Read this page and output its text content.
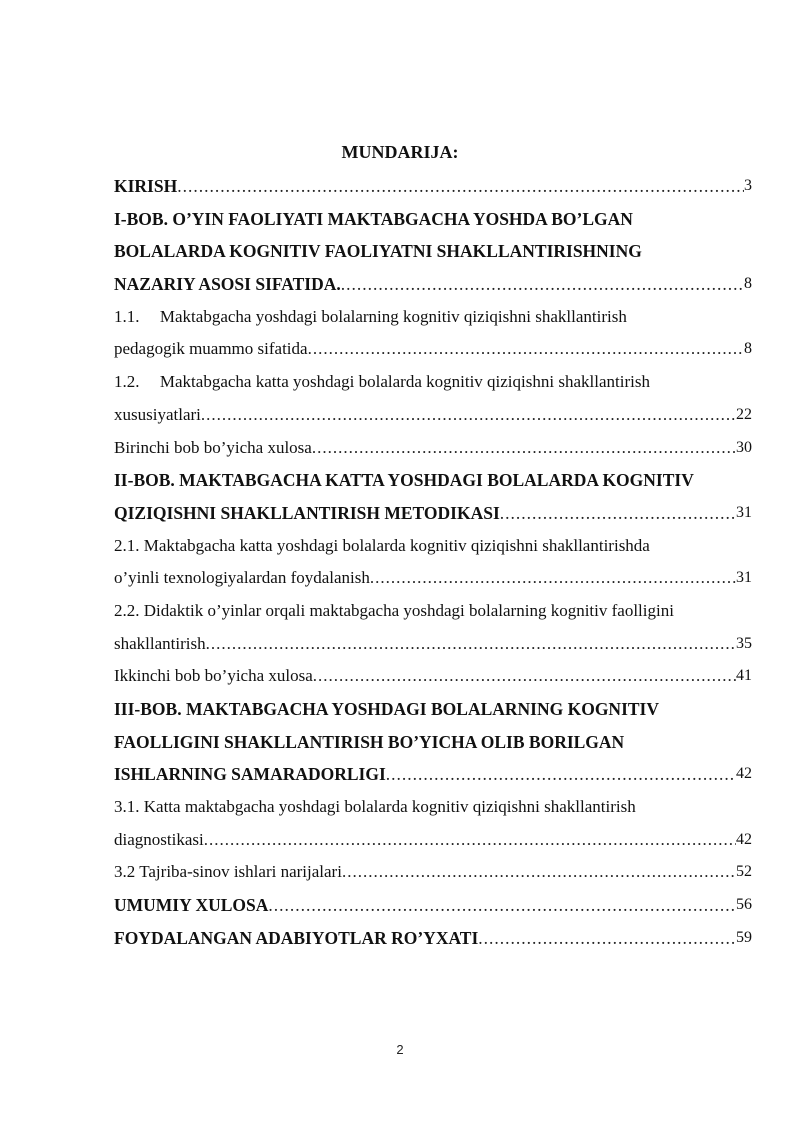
MUNDARIJA:
KIRISH .....	3
I-BOB. O’YIN FAOLIYATI MAKTABGACHA YOSHDA BO’LGAN
BOLALARDA KOGNITIV FAOLIYATNI SHAKLLANTIRISHNING
NAZARIY ASOSI SIFATIDA. .....	8
1.1. Maktabgacha yoshdagi bolalarning kognitiv qiziqishni shakllantirish
pedagogik muammo sifatida .....	8
1.2. Maktabgacha katta yoshdagi bolalarda kognitiv qiziqishni shakllantirish
xususiyatlari .....	22
Birinchi bob bo’yicha xulosa .....	30
II-BOB. MAKTABGACHA KATTA YOSHDAGI BOLALARDA KOGNITIV
QIZIQISHNI SHAKLLANTIRISH METODIKASI .....	31
2.1. Maktabgacha katta yoshdagi bolalarda kognitiv qiziqishni shakllantirishda
o’yinli texnologiyalardan foydalanish .....	31
2.2. Didaktik o’yinlar orqali maktabgacha yoshdagi bolalarning kognitiv faolligini
shakllantirish .....	35
Ikkinchi bob bo’yicha xulosa .....	41
III-BOB. MAKTABGACHA YOSHDAGI BOLALARNING KOGNITIV
FAOLLIGINI SHAKLLANTIRISH BO’YICHA OLIB BORILGAN
ISHLARNING SAMARADORLIGI .....	42
3.1. Katta maktabgacha yoshdagi bolalarda kognitiv qiziqishni shakllantirish
diagnostikasi .....	42
3.2 Tajriba-sinov ishlari narijalari .....	52
UMUMIY XULOSA .....	56
FOYDALANGAN ADABIYOTLAR RO’YXATI .....	59
2
